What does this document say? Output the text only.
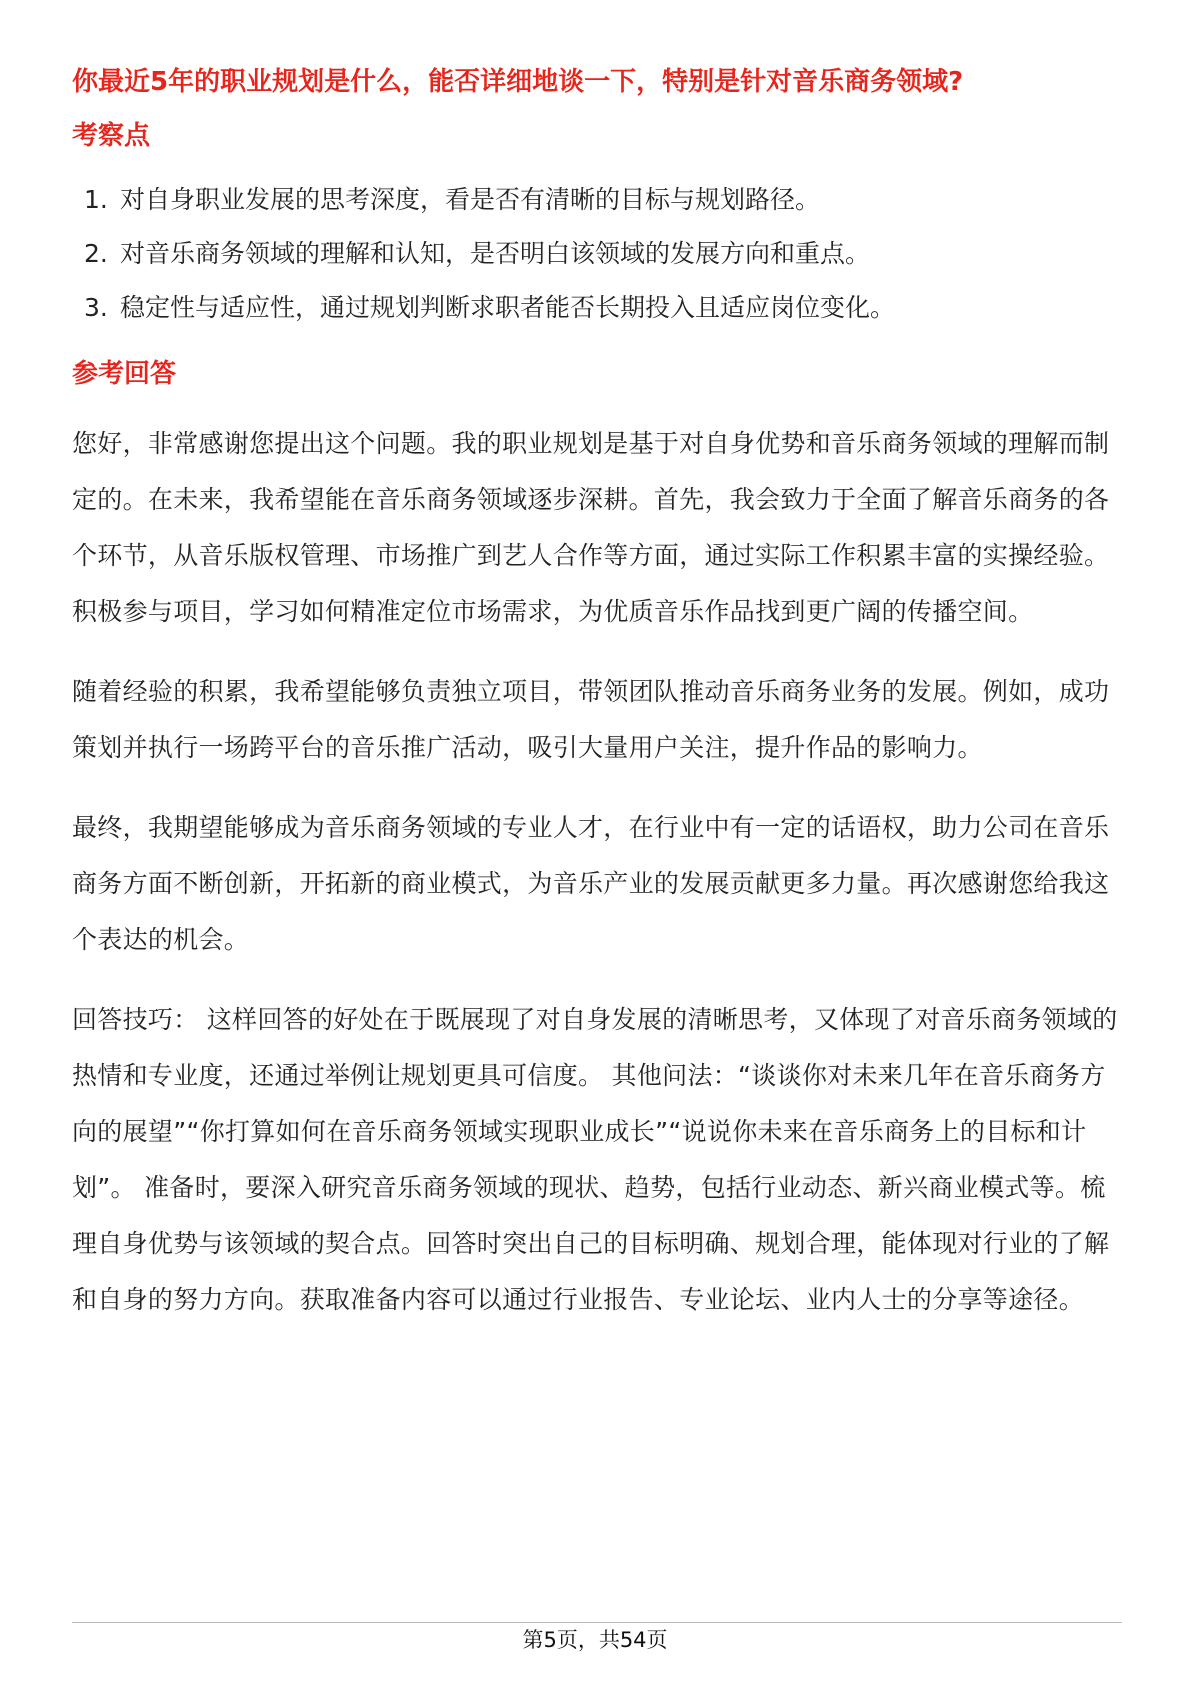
你最近5年的职业规划是什么，能否详细地谈一下，特别是针对音乐商务领域?
考察点
1. 对自身职业发展的思考深度，看是否有清晰的目标与规划路径。
2. 对音乐商务领域的理解和认知，是否明白该领域的发展方向和重点。
3. 稳定性与适应性，通过规划判断求职者能否长期投入且适应岗位变化。
参考回答

您好，非常感谢您提出这个问题。我的职业规划是基于对自身优势和音乐商务领域的理解而制定的。在未来，我希望能在音乐商务领域逐步深耕。首先，我会致力于全面了解音乐商务的各个环节，从音乐版权管理、市场推广到艺人合作等方面，通过实际工作积累丰富的实操经验。积极参与项目，学习如何精准定位市场需求，为优质音乐作品找到更广阔的传播空间。

随着经验的积累，我希望能够负责独立项目，带领团队推动音乐商务业务的发展。例如，成功策划并执行一场跨平台的音乐推广活动，吸引大量用户关注，提升作品的影响力。

最终，我期望能够成为音乐商务领域的专业人才，在行业中有一定的话语权，助力公司在音乐商务方面不断创新，开拓新的商业模式，为音乐产业的发展贡献更多力量。再次感谢您给我这个表达的机会。

回答技巧： 这样回答的好处在于既展现了对自身发展的清晰思考，又体现了对音乐商务领域的热情和专业度，还通过举例让规划更具可信度。 其他问法：“谈谈你对未来几年在音乐商务方向的展望”“你打算如何在音乐商务领域实现职业成长”“说说你未来在音乐商务上的目标和计划”。 准备时，要深入研究音乐商务领域的现状、趋势，包括行业动态、新兴商业模式等。梳理自身优势与该领域的契合点。回答时突出自己的目标明确、规划合理，能体现对行业的了解和自身的努力方向。获取准备内容可以通过行业报告、专业论坛、业内人士的分享等途径。

第5页，共54页
